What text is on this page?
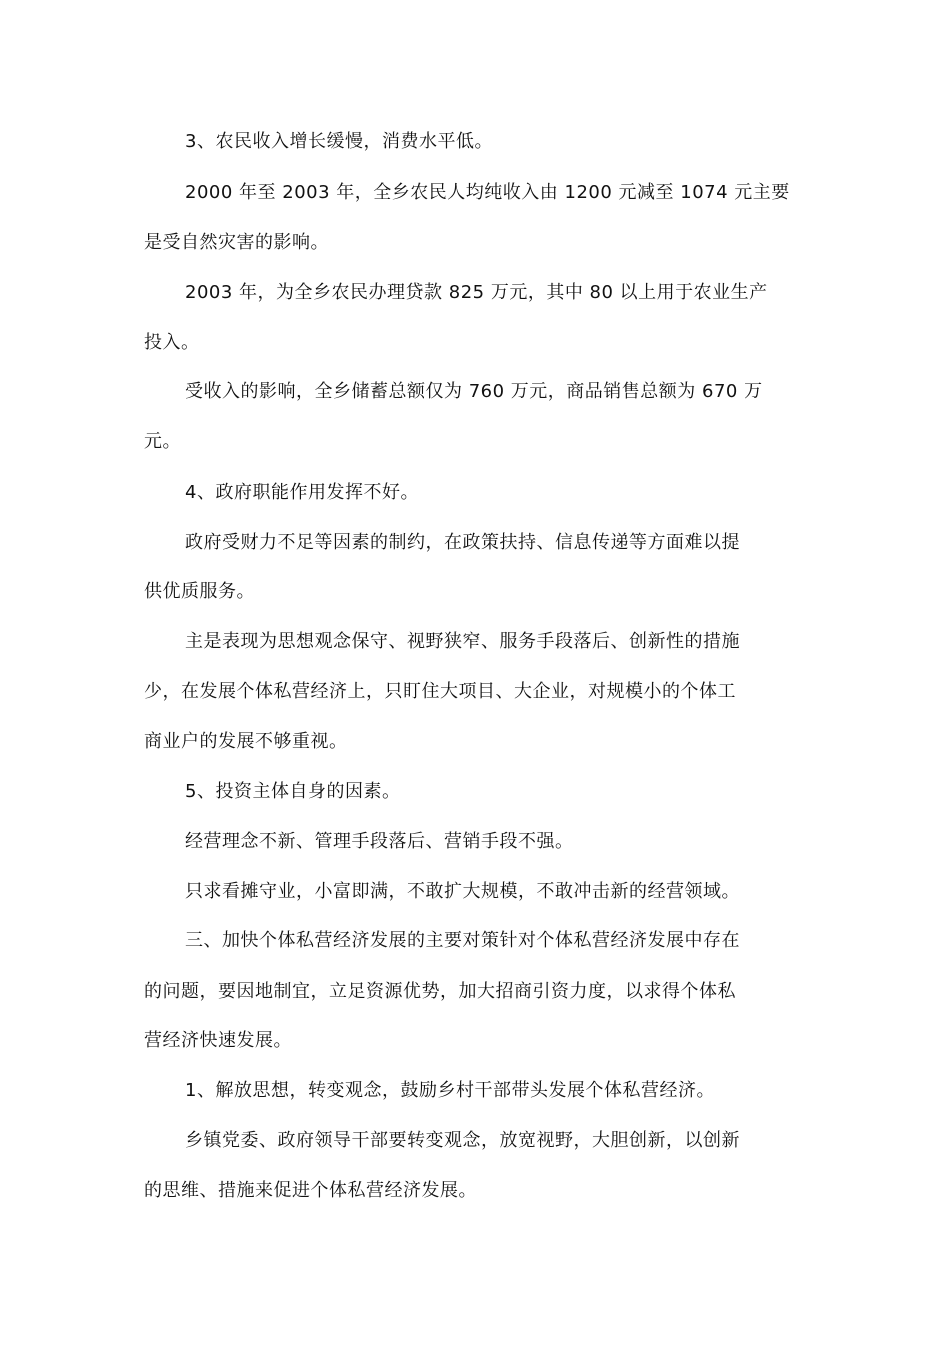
3、农民收入增长缓慢，消费水平低。
2000 年至 2003 年，全乡农民人均纯收入由 1200 元减至 1074 元主要
是受自然灾害的影响。
2003 年，为全乡农民办理贷款 825 万元，其中 80 以上用于农业生产
投入。
受收入的影响，全乡储蓄总额仅为 760 万元，商品销售总额为 670 万
元。
4、政府职能作用发挥不好。
政府受财力不足等因素的制约，在政策扶持、信息传递等方面难以提
供优质服务。
主是表现为思想观念保守、视野狭窄、服务手段落后、创新性的措施
少，在发展个体私营经济上，只盯住大项目、大企业，对规模小的个体工
商业户的发展不够重视。
5、投资主体自身的因素。
经营理念不新、管理手段落后、营销手段不强。
只求看摊守业，小富即满，不敢扩大规模，不敢冲击新的经营领域。
三、加快个体私营经济发展的主要对策针对个体私营经济发展中存在
的问题，要因地制宜，立足资源优势，加大招商引资力度，以求得个体私
营经济快速发展。
1、解放思想，转变观念，鼓励乡村干部带头发展个体私营经济。
乡镇党委、政府领导干部要转变观念，放宽视野，大胆创新，以创新
的思维、措施来促进个体私营经济发展。
